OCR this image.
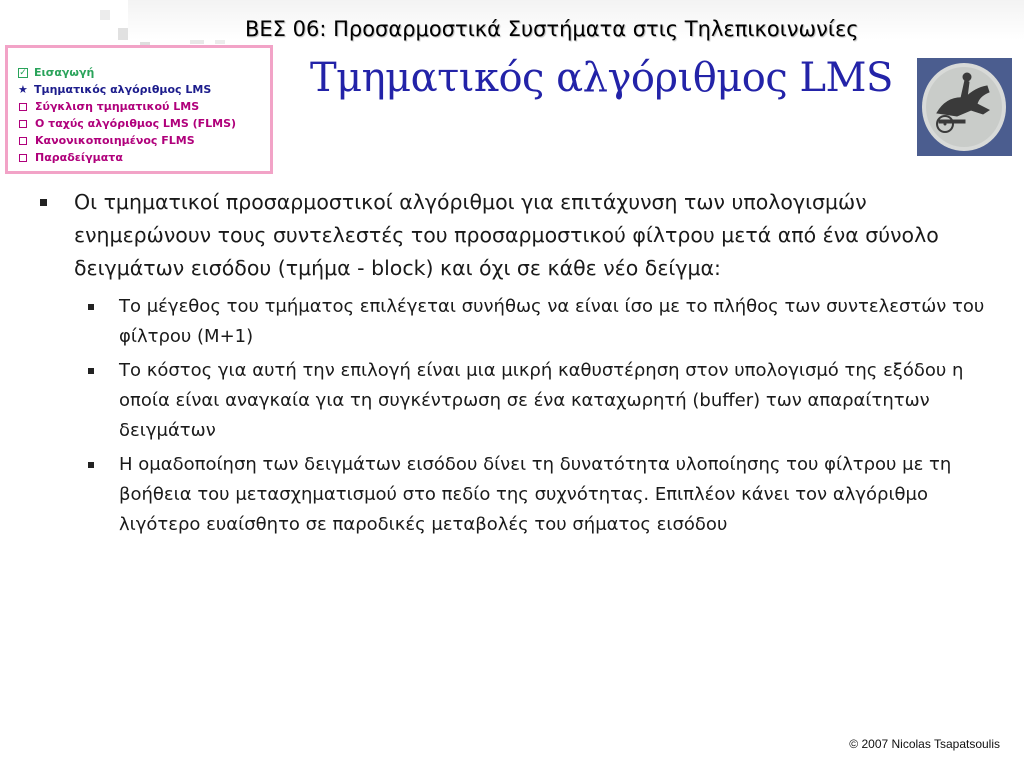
ΒΕΣ 06: Προσαρμοστικά Συστήματα στις Τηλεπικοινωνίες
✓ Εισαγωγή
★ Τμηματικός αλγόριθμος LMS
Σύγκλιση τμηματικού LMS
Ο ταχύς αλγόριθμος LMS (FLMS)
Κανονικοποιημένος FLMS
Παραδείγματα
Τμηματικός αλγόριθμος LMS
Οι τμηματικοί προσαρμοστικοί αλγόριθμοι για επιτάχυνση των υπολογισμών ενημερώνουν τους συντελεστές του προσαρμοστικού φίλτρου μετά από ένα σύνολο δειγμάτων εισόδου (τμήμα - block) και όχι σε κάθε νέο δείγμα:
Το μέγεθος του τμήματος επιλέγεται συνήθως να είναι ίσο με το πλήθος των συντελεστών του φίλτρου (M+1)
Το κόστος για αυτή την επιλογή είναι μια μικρή καθυστέρηση στον υπολογισμό της εξόδου η οποία είναι αναγκαία για τη συγκέντρωση σε ένα καταχωρητή (buffer) των απαραίτητων δειγμάτων
Η ομαδοποίηση των δειγμάτων εισόδου δίνει τη δυνατότητα υλοποίησης του φίλτρου με τη βοήθεια του μετασχηματισμού στο πεδίο της συχνότητας. Επιπλέον κάνει τον αλγόριθμο λιγότερο ευαίσθητο σε παροδικές μεταβολές του σήματος εισόδου
© 2007 Nicolas Tsapatsoulis
